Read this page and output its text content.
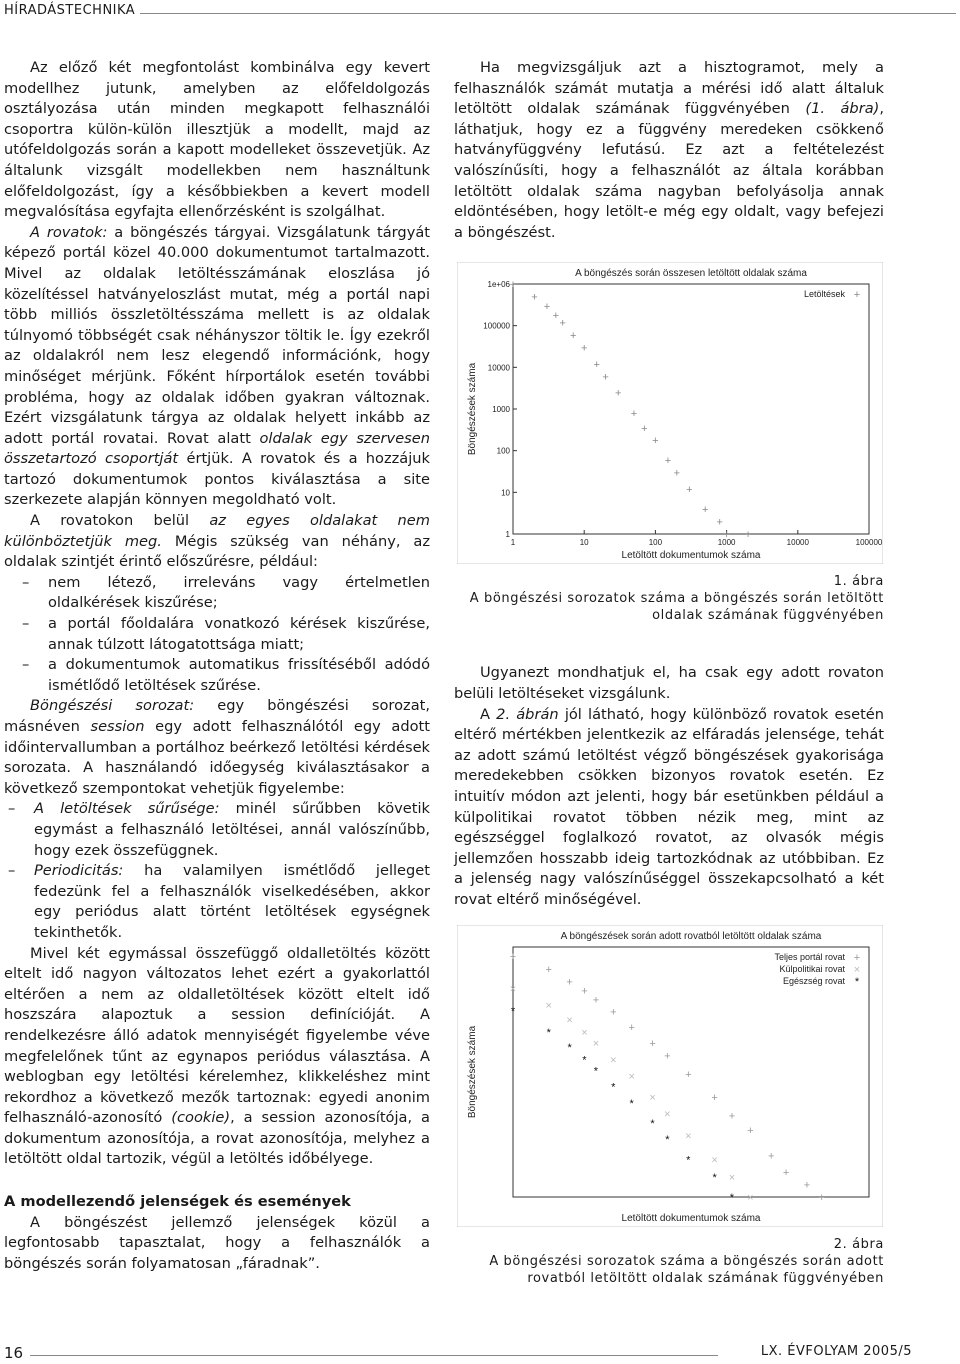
HÍRADÁSTECHNIKA

Az előző két megfontolást kombinálva egy kevert modellhez jutunk, amelyben az előfeldolgozás osztályozása után minden megkapott felhasználói csoportra külön-külön illesztjük a modellt, majd az utófeldolgozás során a kapott modelleket összevetjük. Az általunk vizsgált modellekben nem használtunk előfeldolgozást, így a későbbiekben a kevert modell megvalósítása egyfajta ellenőrzésként is szolgálhat.

A rovatok: a böngészés tárgyai. Vizsgálatunk tárgyát képező portál közel 40.000 dokumentumot tartalmazott. Mivel az oldalak letöltésszámának eloszlása jó közelítéssel hatványeloszlást mutat, még a portál napi több milliós összletöltésszáma mellett is az oldalak túlnyomó többségét csak néhányszor töltik le. Így ezekről az oldalakról nem lesz elegendő információnk, hogy minőséget mérjünk. Főként hírportálok esetén további probléma, hogy az oldalak időben gyakran változnak. Ezért vizsgálatunk tárgya az oldalak helyett inkább az adott portál rovatai. Rovat alatt oldalak egy szervesen összetartozó csoportját értjük. A rovatok és a hozzájuk tartozó dokumentumok pontos kiválasztása a site szerkezete alapján könnyen megoldható volt.

A rovatokon belül az egyes oldalakat nem különböztetjük meg. Mégis szükség van néhány, az oldalak szintjét érintő előszűrésre, például:

– nem létező, irreleváns vagy értelmetlen oldalkérések kiszűrése;

– a portál főoldalára vonatkozó kérések kiszűrése, annak túlzott látogatottsága miatt;

– a dokumentumok automatikus frissítéséből adódó ismétlődő letöltések szűrése.

Böngészési sorozat: egy böngészési sorozat, másnéven session egy adott felhasználótól egy adott időintervallumban a portálhoz beérkező letöltési kérdések sorozata. A használandó időegység kiválasztásakor a következő szempontokat vehetjük figyelembe:

– A letöltések sűrűsége: minél sűrűbben követik egymást a felhasználó letöltései, annál valószínűbb, hogy ezek összefüggnek.

– Periodicitás: ha valamilyen ismétlődő jelleget fedezünk fel a felhasználók viselkedésében, akkor egy periódus alatt történt letöltések egységnek tekinthetők.

Mivel két egymással összefüggő oldalletöltés között eltelt idő nagyon változatos lehet ezért a gyakorlattól eltérően a nem az oldalletöltések között eltelt idő hoszszára alapoztuk a session definícióját. A rendelkezésre álló adatok mennyiségét figyelembe véve megfelelőnek tűnt az egynapos periódus választása. A weblogban egy letöltési kérelemhez, klikkeléshez mint rekordhoz a következő mezők tartoznak: egyedi anonim felhasználó-azonosító (cookie), a session azonosítója, a dokumentum azonosítója, a rovat azonosítója, melyhez a letöltött oldal tartozik, végül a letöltés időbélyege.

A modellezendő jelenségek és események

A böngészést jellemző jelenségek közül a legfontosabb tapasztalat, hogy a felhasználók a böngészés során folyamatosan „fáradnak”.

Ha megvizsgáljuk azt a hisztogramot, mely a felhasználók számát mutatja a mérési idő alatt általuk letöltött oldalak számának függvényében (1. ábra), láthatjuk, hogy ez a függvény meredeken csökkenő hatványfüggvény lefutású. Ez azt a feltételezést valószínűsíti, hogy a felhasználót az általa korábban letöltött oldalak száma nagyban befolyásolja annak eldöntésében, hogy letölt-e még egy oldalt, vagy befejezi a böngészést.

Ugyanezt mondhatjuk el, ha csak egy adott rovaton belüli letöltéseket vizsgálunk.

A 2. ábrán jól látható, hogy különböző rovatok esetén eltérő mértékben jelentkezik az elfáradás jelensége, tehát az adott számú letöltést végző böngészések gyakorisága meredekebben csökken bizonyos rovatok esetén. Ez intuitív módon azt jelenti, hogy bár esetünkben például a külpolitikai rovatot többen nézik meg, mint az egészséggel foglalkozó rovatot, az olvasók mégis jellemzően hosszabb ideig tartozkódnak az utóbbiban. Ez a jelenség nagy valószínűséggel összekapcsolható a két rovat eltérő minőségével.

A böngészés során összesen letöltött oldalak száma
1	10	100	1000	10000	100000
1
10
100
1000
10000
100000
1e+06
Letöltött dokumentumok száma
Böngészések száma
Letöltések +
+
+
+
+
+
+
+
+
+
+
+
+
+
+
+
+
+
+
+ +
1. ábra
A böngészési sorozatok száma a böngészés során letöltött oldalak számának függvényében
A böngészések során adott rovatból letöltött oldalak száma
Letöltött dokumentumok száma
Böngészések száma
Teljes portál rovat +
+
+
+
+
+
+
+
+
+
+
+
+
+
+
+
+
+
Külpolitikai rovat ×
×
×
×
×
×
×
×
×
×
×
×
×
×
Egészség rovat *
*
*
*
*
*
*
*
*
*
*
*
*
2. ábra
A böngészési sorozatok száma a böngészés során adott rovatból letöltött oldalak számának függvényében
16	LX. ÉVFOLYAM 2005/5
